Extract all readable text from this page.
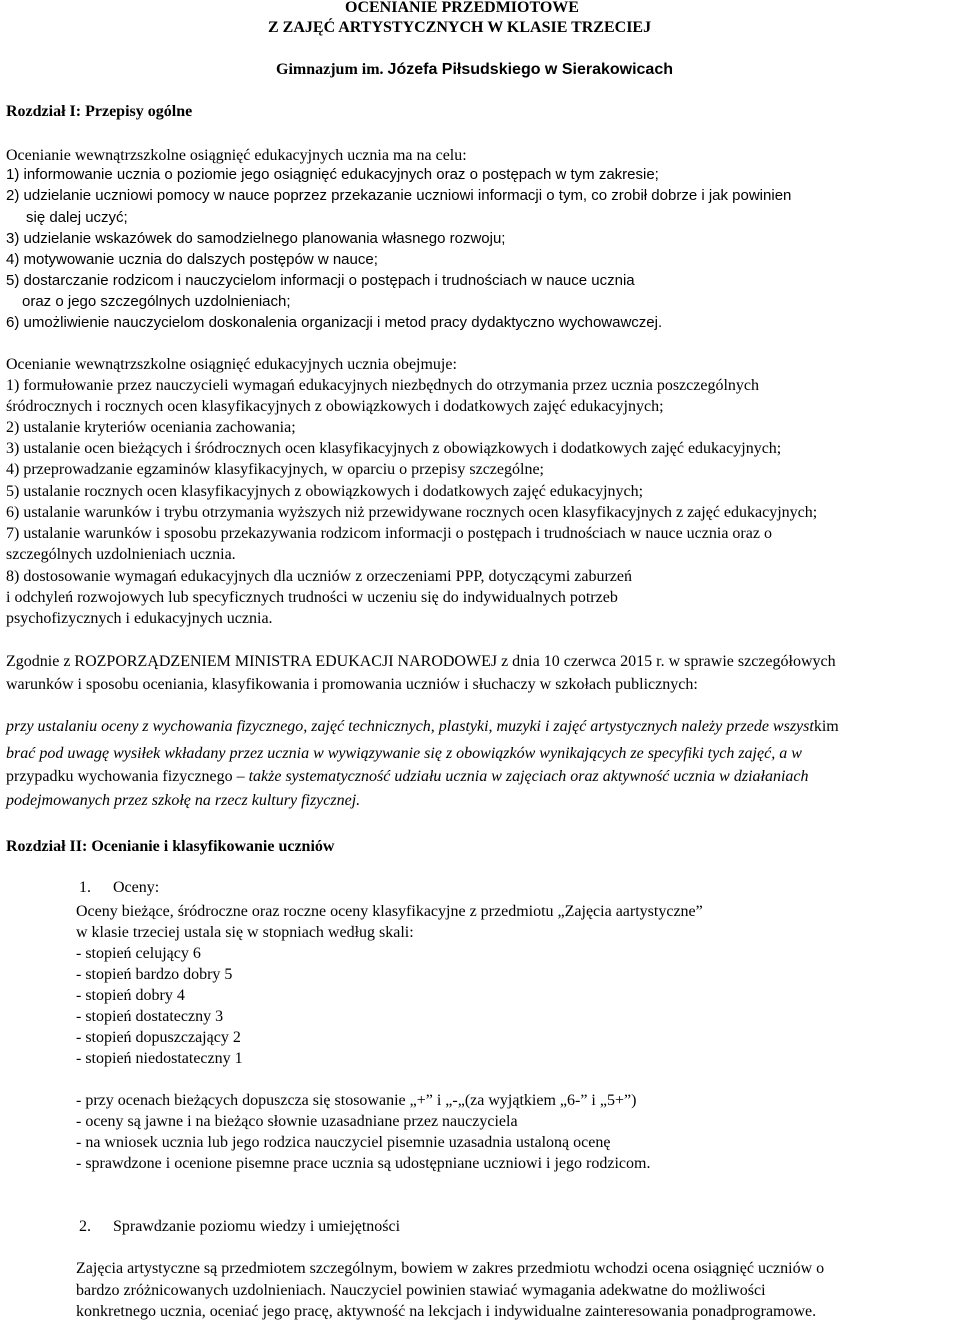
OCENIANIE PRZEDMIOTOWE
Z ZAJĘĆ ARTYSTYCZNYCH W KLASIE TRZECIEJ
Gimnazjum im. Józefa Piłsudskiego w Sierakowicach
Rozdział I: Przepisy ogólne
Ocenianie wewnątrzszkolne osiągnięć edukacyjnych ucznia ma na celu:
1) informowanie ucznia o poziomie jego osiągnięć edukacyjnych oraz o postępach w tym zakresie;
2) udzielanie uczniowi pomocy w nauce poprzez przekazanie uczniowi informacji o tym, co zrobił dobrze i jak powinien
się dalej uczyć;
3) udzielanie wskazówek do samodzielnego planowania własnego rozwoju;
4) motywowanie ucznia do dalszych postępów w nauce;
5) dostarczanie rodzicom i nauczycielom informacji o postępach i trudnościach w nauce ucznia
oraz o jego szczególnych uzdolnieniach;
6) umożliwienie nauczycielom doskonalenia organizacji i metod pracy dydaktyczno wychowawczej.
Ocenianie wewnątrzszkolne osiągnięć edukacyjnych ucznia obejmuje:
1) formułowanie przez nauczycieli wymagań edukacyjnych niezbędnych do otrzymania przez ucznia poszczególnych
śródrocznych i rocznych ocen klasyfikacyjnych z obowiązkowych i dodatkowych zajęć edukacyjnych;
2) ustalanie kryteriów oceniania zachowania;
3) ustalanie ocen bieżących i śródrocznych ocen klasyfikacyjnych z obowiązkowych i dodatkowych zajęć edukacyjnych;
4) przeprowadzanie egzaminów klasyfikacyjnych, w oparciu o przepisy szczególne;
5) ustalanie rocznych ocen klasyfikacyjnych z obowiązkowych i dodatkowych zajęć edukacyjnych;
6) ustalanie warunków i trybu otrzymania wyższych niż przewidywane rocznych ocen klasyfikacyjnych z zajęć edukacyjnych;
7) ustalanie warunków i sposobu przekazywania rodzicom informacji o postępach i trudnościach w nauce ucznia oraz o
szczególnych uzdolnieniach ucznia.
8) dostosowanie wymagań edukacyjnych dla uczniów z orzeczeniami PPP, dotyczącymi zaburzeń
i odchyleń rozwojowych lub specyficznych trudności w uczeniu się do indywidualnych potrzeb
psychofizycznych i edukacyjnych ucznia.
Zgodnie z ROZPORZĄDZENIEM MINISTRA EDUKACJI NARODOWEJ z dnia 10 czerwca 2015 r. w sprawie szczegółowych
warunków i sposobu oceniania, klasyfikowania i promowania uczniów i słuchaczy w szkołach publicznych:
przy ustalaniu oceny z wychowania fizycznego, zajęć technicznych, plastyki, muzyki i zajęć artystycznych należy przede wszystkim
brać pod uwagę wysiłek wkładany przez ucznia w wywiązywanie się z obowiązków wynikających ze specyfiki tych zajęć, a w
przypadku wychowania fizycznego – także systematyczność udziału ucznia w zajęciach oraz aktywność ucznia w działaniach
podejmowanych przez szkołę na rzecz kultury fizycznej.
Rozdział II: Ocenianie i klasyfikowanie uczniów
1. Oceny:
Oceny bieżące, śródroczne oraz roczne oceny klasyfikacyjne z przedmiotu „Zajęcia aartystyczne”
w klasie trzeciej ustala się w stopniach według skali:
- stopień celujący 6
- stopień bardzo dobry 5
- stopień dobry 4
- stopień dostateczny 3
- stopień dopuszczający 2
- stopień niedostateczny 1
- przy ocenach bieżących dopuszcza się stosowanie „+” i „-„(za wyjątkiem „6-” i „5+”)
- oceny są jawne i na bieżąco słownie uzasadniane przez nauczyciela
- na wniosek ucznia lub jego rodzica nauczyciel pisemnie uzasadnia ustaloną ocenę
- sprawdzone i ocenione pisemne prace ucznia są udostępniane uczniowi i jego rodzicom.
2. Sprawdzanie poziomu wiedzy i umiejętności
Zajęcia artystyczne są przedmiotem szczególnym, bowiem w zakres przedmiotu wchodzi ocena osiągnięć uczniów o
bardzo zróżnicowanych uzdolnieniach. Nauczyciel powinien stawiać wymagania adekwatne do możliwości
konkretnego ucznia, oceniać jego pracę, aktywność na lekcjach i indywidualne zainteresowania ponadprogramowe.
